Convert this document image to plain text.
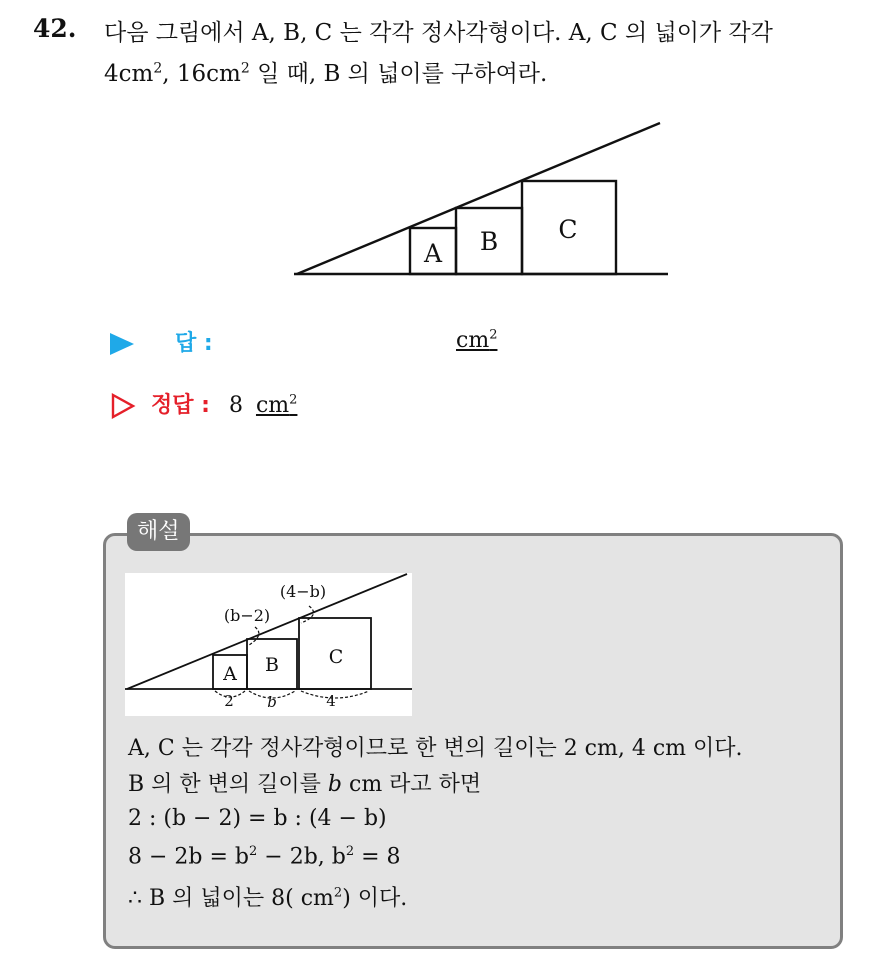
42. 다음 그림에서 A, B, C 는 각각 정사각형이다. A, C 의 넓이가 각각
$4cm^2$, $16cm^2$ 일 때, B 의 넓이를 구하여라.
A B C
답 :	$cm^2$
정답 : 8 $cm^2$
해설
A B	C
(4−b)
(b−2)
2 b	4
A, C 는 각각 정사각형이므로 한 변의 길이는 2 cm, 4 cm 이다.
B 의 한 변의 길이를 b cm 라고 하면
2 : (b − 2) = b : (4 − b)
$8 - 2b = b^2 - 2b$, $b^2 = 8$
∴ B 의 넓이는 8( $cm^2$) 이다.
